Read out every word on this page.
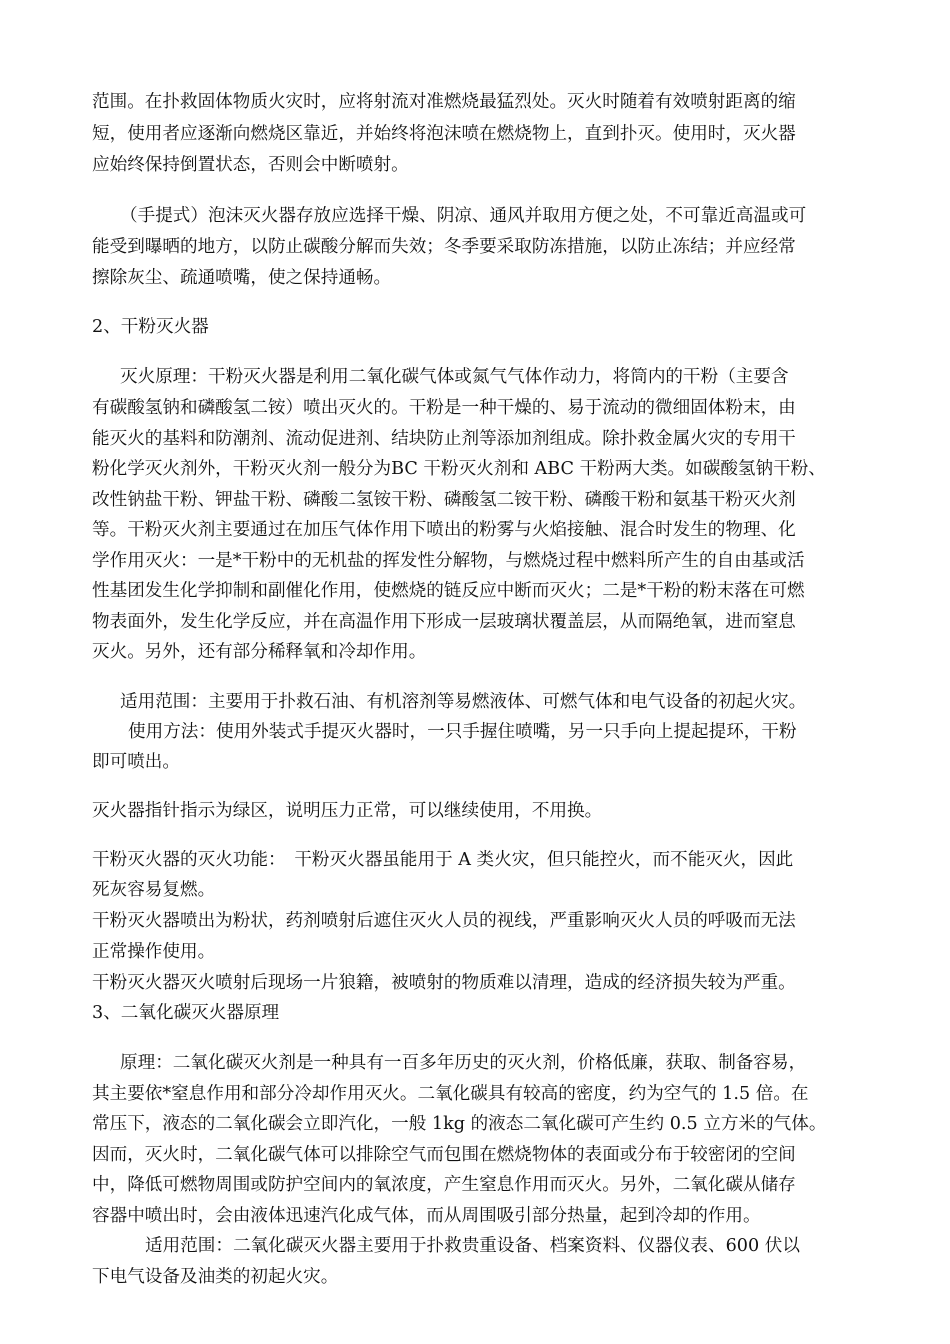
范围。在扑救固体物质火灾时，应将射流对准燃烧最猛烈处。灭火时随着有效喷射距离的缩
短，使用者应逐渐向燃烧区靠近，并始终将泡沫喷在燃烧物上，直到扑灭。使用时，灭火器
应始终保持倒置状态，否则会中断喷射。
（手提式）泡沫灭火器存放应选择干燥、阴凉、通风并取用方便之处，不可靠近高温或可
能受到曝晒的地方，以防止碳酸分解而失效；冬季要采取防冻措施，以防止冻结；并应经常
擦除灰尘、疏通喷嘴，使之保持通畅。
2、干粉灭火器
灭火原理：干粉灭火器是利用二氧化碳气体或氮气气体作动力，将筒内的干粉（主要含
有碳酸氢钠和磷酸氢二铵）喷出灭火的。干粉是一种干燥的、易于流动的微细固体粉末，由
能灭火的基料和防潮剂、流动促进剂、结块防止剂等添加剂组成。除扑救金属火灾的专用干
粉化学灭火剂外，干粉灭火剂一般分为BC 干粉灭火剂和 ABC 干粉两大类。如碳酸氢钠干粉、
改性钠盐干粉、钾盐干粉、磷酸二氢铵干粉、磷酸氢二铵干粉、磷酸干粉和氨基干粉灭火剂
等。干粉灭火剂主要通过在加压气体作用下喷出的粉雾与火焰接触、混合时发生的物理、化
学作用灭火：一是*干粉中的无机盐的挥发性分解物，与燃烧过程中燃料所产生的自由基或活
性基团发生化学抑制和副催化作用，使燃烧的链反应中断而灭火；二是*干粉的粉末落在可燃
物表面外，发生化学反应，并在高温作用下形成一层玻璃状覆盖层，从而隔绝氧，进而窒息
灭火。另外，还有部分稀释氧和冷却作用。
适用范围：主要用于扑救石油、有机溶剂等易燃液体、可燃气体和电气设备的初起火灾。
使用方法：使用外装式手提灭火器时，一只手握住喷嘴，另一只手向上提起提环，干粉
即可喷出。
灭火器指针指示为绿区，说明压力正常，可以继续使用，不用换。
干粉灭火器的灭火功能：　干粉灭火器虽能用于 A 类火灾，但只能控火，而不能灭火，因此
死灰容易复燃。
干粉灭火器喷出为粉状，药剂喷射后遮住灭火人员的视线，严重影响灭火人员的呼吸而无法
正常操作使用。
干粉灭火器灭火喷射后现场一片狼籍，被喷射的物质难以清理，造成的经济损失较为严重。
3、二氧化碳灭火器原理
原理：二氧化碳灭火剂是一种具有一百多年历史的灭火剂，价格低廉，获取、制备容易，
其主要依*窒息作用和部分冷却作用灭火。二氧化碳具有较高的密度，约为空气的 1.5 倍。在
常压下，液态的二氧化碳会立即汽化，一般 1kg 的液态二氧化碳可产生约 0.5 立方米的气体。
因而，灭火时，二氧化碳气体可以排除空气而包围在燃烧物体的表面或分布于较密闭的空间
中，降低可燃物周围或防护空间内的氧浓度，产生窒息作用而灭火。另外，二氧化碳从储存
容器中喷出时，会由液体迅速汽化成气体，而从周围吸引部分热量，起到冷却的作用。
适用范围：二氧化碳灭火器主要用于扑救贵重设备、档案资料、仪器仪表、600 伏以
下电气设备及油类的初起火灾。
